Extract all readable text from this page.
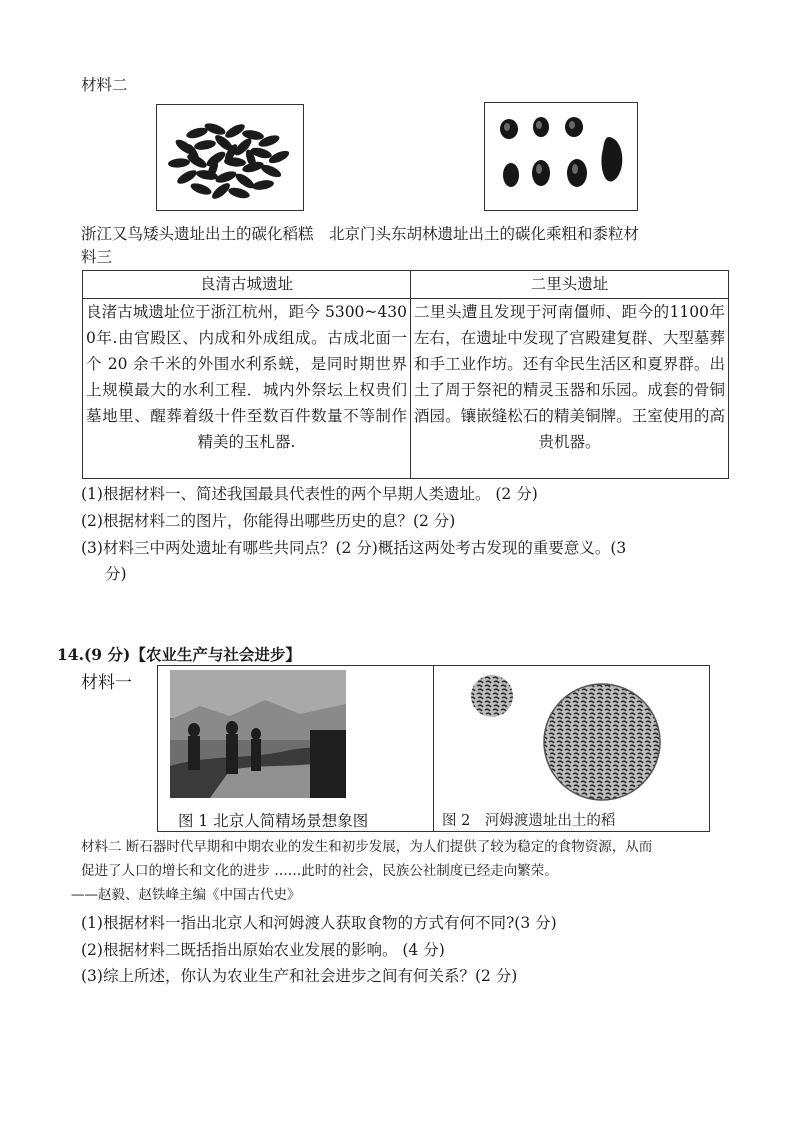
材料二
浙江又鸟矮头遗址出土的碳化稻糕　北京门头东胡林遗址出土的碳化乘粗和黍粒材
料三
良清古城遗址	二里头遗址

良渚古城遗址位于浙江杭州，距今 5300~4300年.由官殿区、内成和外成组成。古成北面一个 20 余千米的外围水利系蜣，是同时期世界上规模最大的水利工程．城内外祭坛上权贵们墓地里、醒葬着级十件至数百件数量不等制作精美的玉札器.	二里头遭且发现于河南僵师、距今的1100年左右，在遗址中发现了宫殿建复群、大型墓葬和手工业作坊。还有伞民生活区和夏界群。出土了周于祭祀的精灵玉器和乐园。成套的骨铜酒园。镶嵌缝松石的精美铜牌。王室使用的高贵机器。
(1)根据材料一、简述我国最具代表性的两个早期人类遗址。 (2 分)
(2)根据材料二的图片，你能得出哪些历史的息？(2 分)
(3)材料三中两处遗址有哪些共同点？(2 分)概括这两处考古发现的重要意义。(3
分)
14.(9 分)【农业生产与社会进步】
材料一
图 1 北京人简精场景想象图	图 2　河姆渡遗址出土的稻
材料二 断石器时代早期和中期农业的发生和初步发展，为人们提供了较为稳定的食物资源，从而
促进了人口的增长和文化的进步 ……此时的社会，民族公社制度已经走向繁荣。
——赵毅、赵铁峰主编《中国古代史》
(1)根据材料一指出北京人和河姆渡人获取食物的方式有何不同?(3 分)
(2)根据材料二既括指出原始农业发展的影响。 (4 分)
(3)综上所述，你认为农业生产和社会进步之间有何关系？(2 分)
